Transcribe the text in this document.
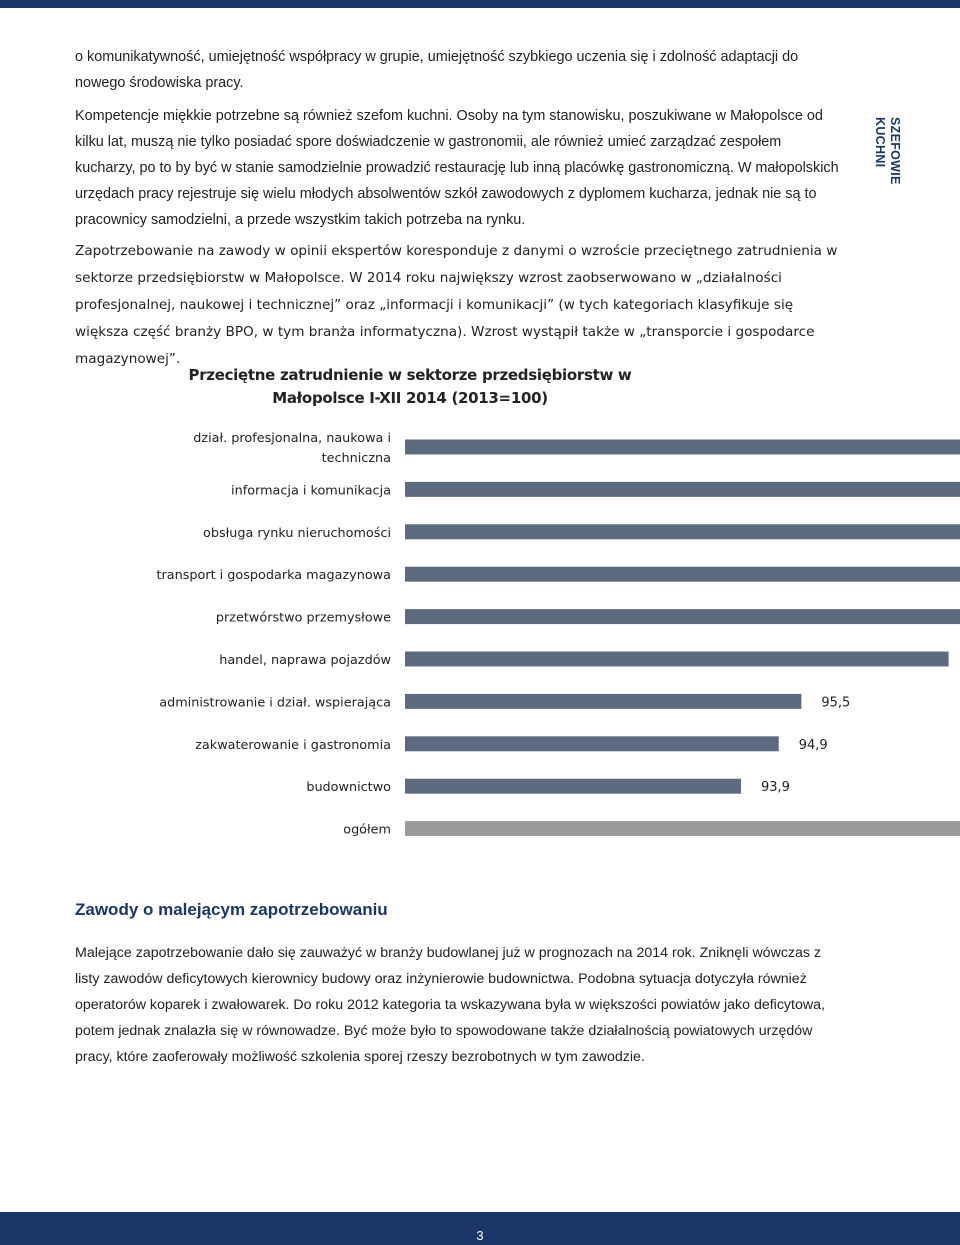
o komunikatywność, umiejętność współpracy w grupie, umiejętność szybkiego uczenia się i zdolność adaptacji do nowego środowiska pracy.

Kompetencje miękkie potrzebne są również szefom kuchni. Osoby na tym stanowisku, poszukiwane w Małopolsce od kilku lat, muszą nie tylko posiadać spore doświadczenie w gastronomii, ale również umieć zarządzać zespołem kucharzy, po to by być w stanie samodzielnie prowadzić restaurację lub inną placówkę gastronomiczną. W małopolskich urzędach pracy rejestruje się wielu młodych absolwentów szkół zawodowych z dyplomem kucharza, jednak nie są to pracownicy samodzielni, a przede wszystkim takich potrzeba na rynku.

SZEFOWIE
KUCHNI

Zapotrzebowanie na zawody w opinii ekspertów koresponduje z danymi o wzroście przeciętnego zatrudnienia w sektorze przedsiębiorstw w Małopolsce. W 2014 roku największy wzrost zaobserwowano w „działalności profesjonalnej, naukowej i technicznej” oraz „informacji i komunikacji” (w tych kategoriach klasyfikuje się większa część branży BPO, w tym branża informatyczna). Wzrost wystąpił także w „transporcie i gospodarce magazynowej”.

Przeciętne zatrudnienie w sektorze przedsiębiorstw w Małopolsce I-XII 2014 (2013=100)
dział. profesjonalna, naukowa i techniczna
informacja i komunikacja
obsługa rynku nieruchomości
transport i gospodarka magazynowa
przetwórstwo przemysłowe
handel, naprawa pojazdów
95,5
administrowanie i dział. wspierająca
94,9
zakwaterowanie i gastronomia
93,9
budownictwo
ogółem
Zawody o malejącym zapotrzebowaniu

Malejące zapotrzebowanie dało się zauważyć w branży budowlanej już w prognozach na 2014 rok. Zniknęli wówczas z listy zawodów deficytowych kierownicy budowy oraz inżynierowie budownictwa. Podobna sytuacja dotyczyła również operatorów koparek i zwałowarek. Do roku 2012 kategoria ta wskazywana była w większości powiatów jako deficytowa, potem jednak znalazła się w równowadze. Być może było to spowodowane także działalnością powiatowych urzędów pracy, które zaoferowały możliwość szkolenia sporej rzeszy bezrobotnych w tym zawodzie.

3
